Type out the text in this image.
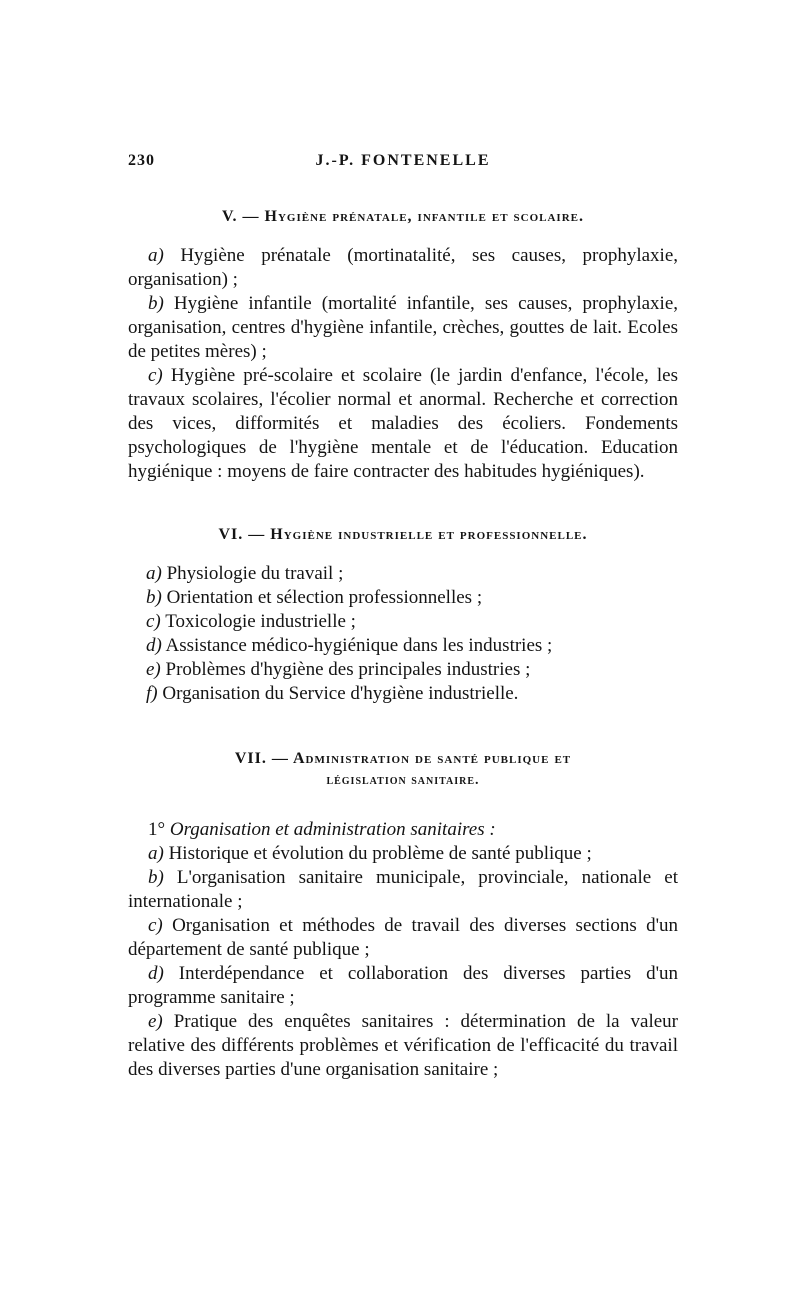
230	J.-P. FONTENELLE
V. — Hygiène prénatale, infantile et scolaire.

a) Hygiène prénatale (mortinatalité, ses causes, prophylaxie, organisation) ;

b) Hygiène infantile (mortalité infantile, ses causes, prophylaxie, organisation, centres d'hygiène infantile, crèches, gouttes de lait. Ecoles de petites mères) ;

c) Hygiène pré-scolaire et scolaire (le jardin d'enfance, l'école, les travaux scolaires, l'écolier normal et anormal. Recherche et correction des vices, difformités et maladies des écoliers. Fondements psychologiques de l'hygiène mentale et de l'éducation. Education hygiénique : moyens de faire contracter des habitudes hygiéniques).

VI. — Hygiène industrielle et professionnelle.

a) Physiologie du travail ;

b) Orientation et sélection professionnelles ;

c) Toxicologie industrielle ;

d) Assistance médico-hygiénique dans les industries ;

e) Problèmes d'hygiène des principales industries ;

f) Organisation du Service d'hygiène industrielle.

VII. — Administration de santé publique et
législation sanitaire.

1° Organisation et administration sanitaires :

a) Historique et évolution du problème de santé publique ;

b) L'organisation sanitaire municipale, provinciale, nationale et internationale ;

c) Organisation et méthodes de travail des diverses sections d'un département de santé publique ;

d) Interdépendance et collaboration des diverses parties d'un programme sanitaire ;

e) Pratique des enquêtes sanitaires : détermination de la valeur relative des différents problèmes et vérification de l'efficacité du travail des diverses parties d'une organisation sanitaire ;
